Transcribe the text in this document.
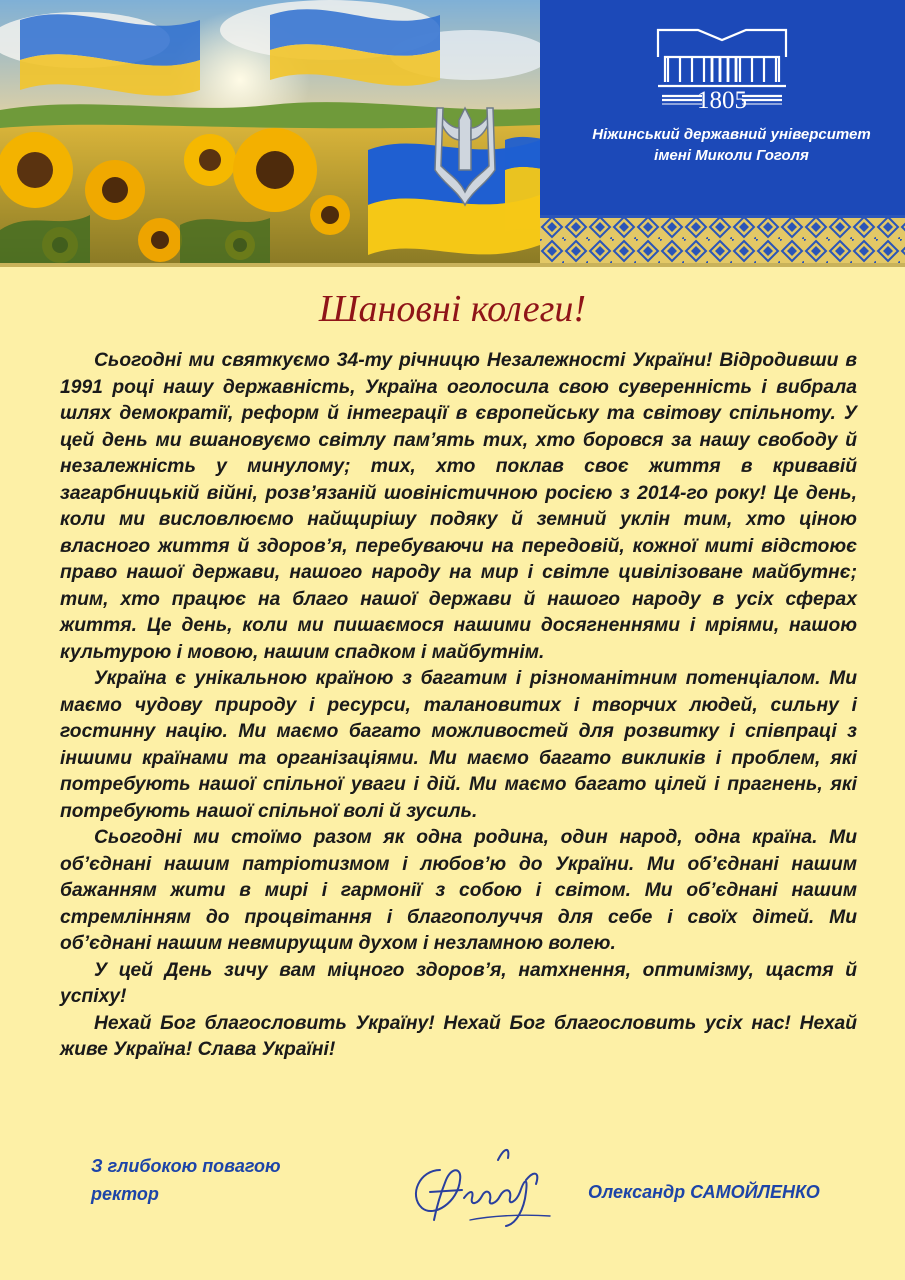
1805
Ніжинський державний університет
імені Миколи Гоголя
Шановні колеги!

Сьогодні ми святкуємо 34-ту річницю Незалежності України! Відродивши в 1991 році нашу державність, Україна оголосила свою суверенність і вибрала шлях демократії, реформ й інтеграції в європейську та світову спільноту. У цей день ми вшановуємо світлу пам’ять тих, хто боровся за нашу свободу й незалежність у минулому; тих, хто поклав своє життя в кривавій загарбницькій війні, розв’язаній шовіністичною росією з 2014-го року! Це день, коли ми висловлюємо найщирішу подяку й земний уклін тим, хто ціною власного життя й здоров’я, перебуваючи на передовій, кожної миті відстоює право нашої держави, нашого народу на мир і світле цивілізоване майбутнє; тим, хто працює на благо нашої держави й нашого народу в усіх сферах життя. Це день, коли ми пишаємося нашими досягненнями і мріями, нашою культурою і мовою, нашим спадком і майбутнім.

Україна є унікальною країною з багатим і різноманітним потенціалом. Ми маємо чудову природу і ресурси, талановитих і творчих людей, сильну і гостинну націю. Ми маємо багато можливостей для розвитку і співпраці з іншими країнами та організаціями. Ми маємо багато викликів і проблем, які потребують нашої спільної уваги і дій. Ми маємо багато цілей і прагнень, які потребують нашої спільної волі й зусиль.

Сьогодні ми стоїмо разом як одна родина, один народ, одна країна. Ми об’єднані нашим патріотизмом і любов’ю до України. Ми об’єднані нашим бажанням жити в мирі і гармонії з собою і світом. Ми об’єднані нашим стремлінням до процвітання і благополуччя для себе і своїх дітей. Ми об’єднані нашим невмирущим духом і незламною волею.

У цей День зичу вам міцного здоров’я, натхнення, оптимізму, щастя й успіху!

Нехай Бог благословить Україну! Нехай Бог благословить усіх нас! Нехай живе Україна! Слава Україні!

З глибокою повагою
ректор	Олександр САМОЙЛЕНКО
